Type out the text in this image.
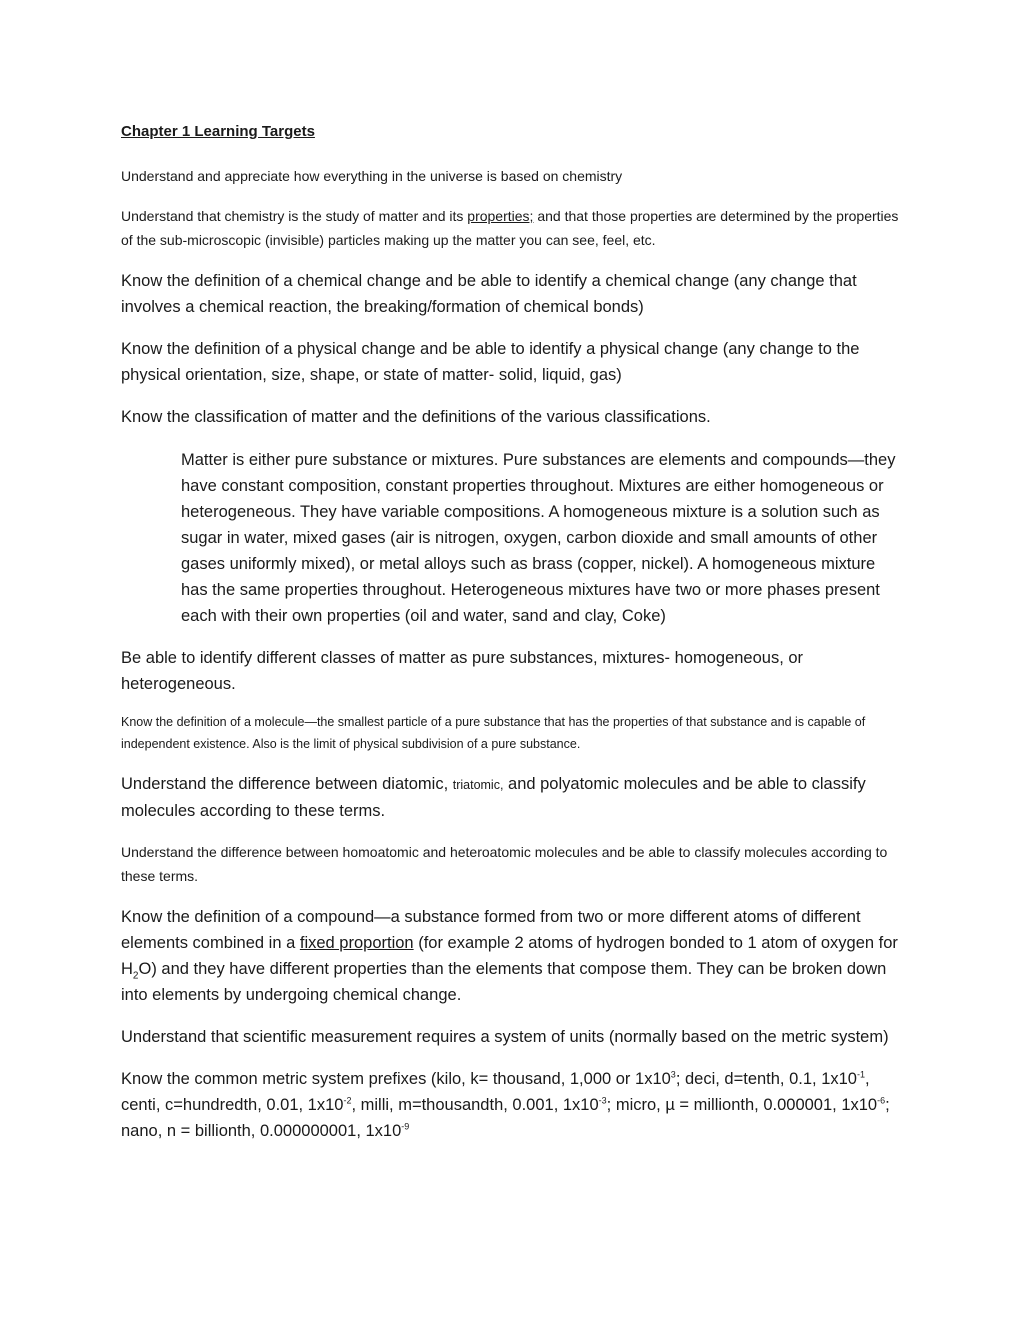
Chapter 1 Learning Targets

Understand and appreciate how everything in the universe is based on chemistry

Understand that chemistry is the study of matter and its properties; and that those properties are determined by the properties of the sub-microscopic (invisible) particles making up the matter you can see, feel, etc.

Know the definition of a chemical change and be able to identify a chemical change (any change that involves a chemical reaction, the breaking/formation of chemical bonds)

Know the definition of a physical change and be able to identify a physical change (any change to the physical orientation, size, shape, or state of matter- solid, liquid, gas)

Know the classification of matter and the definitions of the various classifications.

Matter is either pure substance or mixtures. Pure substances are elements and compounds—they have constant composition, constant properties throughout. Mixtures are either homogeneous or heterogeneous. They have variable compositions. A homogeneous mixture is a solution such as sugar in water, mixed gases (air is nitrogen, oxygen, carbon dioxide and small amounts of other gases uniformly mixed), or metal alloys such as brass (copper, nickel). A homogeneous mixture has the same properties throughout. Heterogeneous mixtures have two or more phases present each with their own properties (oil and water, sand and clay, Coke)

Be able to identify different classes of matter as pure substances, mixtures- homogeneous, or heterogeneous.

Know the definition of a molecule—the smallest particle of a pure substance that has the properties of that substance and is capable of independent existence. Also is the limit of physical subdivision of a pure substance.

Understand the difference between diatomic, triatomic, and polyatomic molecules and be able to classify molecules according to these terms.

Understand the difference between homoatomic and heteroatomic molecules and be able to classify molecules according to these terms.

Know the definition of a compound—a substance formed from two or more different atoms of different elements combined in a fixed proportion (for example 2 atoms of hydrogen bonded to 1 atom of oxygen for $H_2O$) and they have different properties than the elements that compose them. They can be broken down into elements by undergoing chemical change.

Understand that scientific measurement requires a system of units (normally based on the metric system)

Know the common metric system prefixes (kilo, k= thousand, 1,000 or $1x10^3$; deci, d=tenth, 0.1, $1x10^{-1}$, centi, c=hundredth, 0.01, $1x10^{-2}$, milli, m=thousandth, 0.001, $1x10^{-3}$; micro, µ = millionth, 0.000001, $1x10^{-6}$; nano, n = billionth, 0.000000001, $1x10^{-9}$
